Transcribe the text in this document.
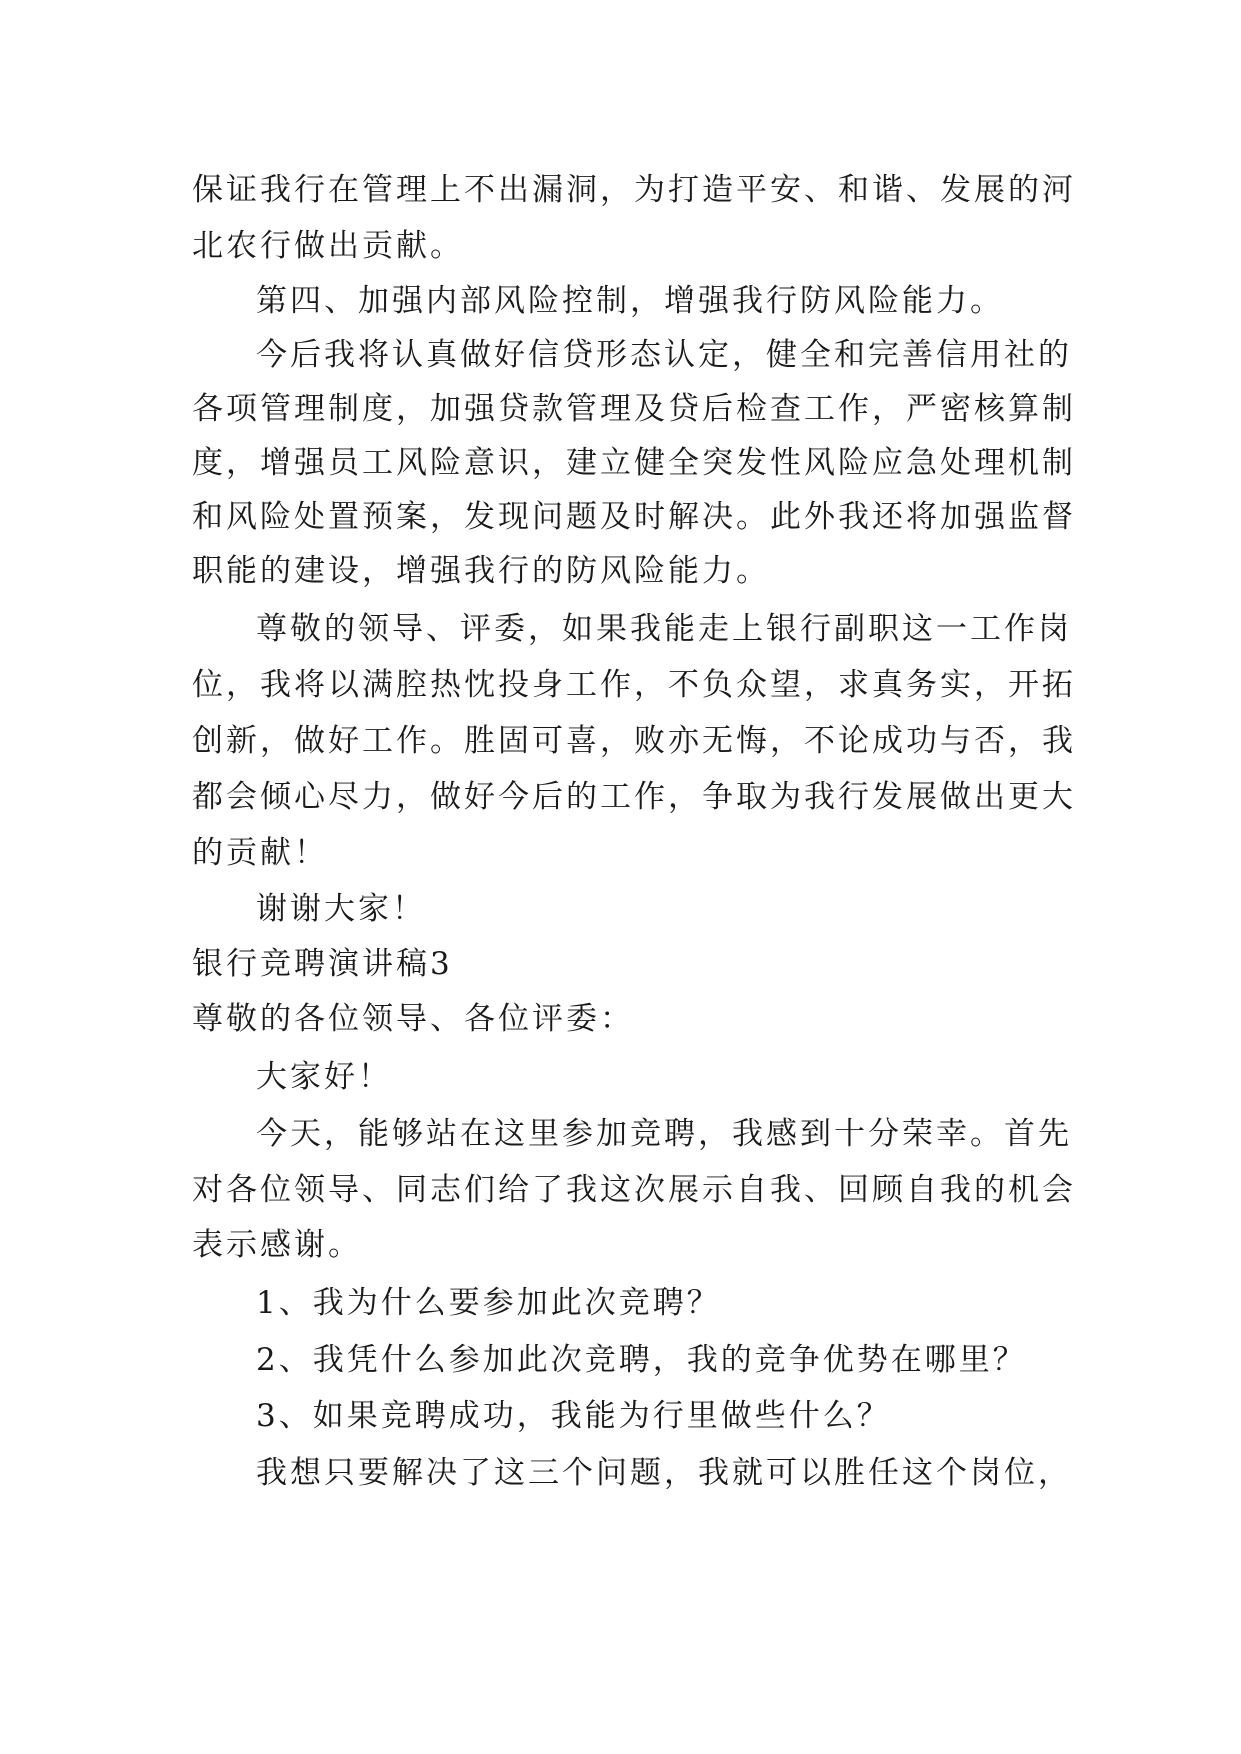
保证我行在管理上不出漏洞，为打造平安、和谐、发展的河
北农行做出贡献。
第四、加强内部风险控制，增强我行防风险能力。
今后我将认真做好信贷形态认定，健全和完善信用社的
各项管理制度，加强贷款管理及贷后检查工作，严密核算制
度，增强员工风险意识，建立健全突发性风险应急处理机制
和风险处置预案，发现问题及时解决。此外我还将加强监督
职能的建设，增强我行的防风险能力。
尊敬的领导、评委，如果我能走上银行副职这一工作岗
位，我将以满腔热忱投身工作，不负众望，求真务实，开拓
创新，做好工作。胜固可喜，败亦无悔，不论成功与否，我
都会倾心尽力，做好今后的工作，争取为我行发展做出更大
的贡献！
谢谢大家！
银行竞聘演讲稿3
尊敬的各位领导、各位评委：
大家好！
今天，能够站在这里参加竞聘，我感到十分荣幸。首先
对各位领导、同志们给了我这次展示自我、回顾自我的机会
表示感谢。
1、我为什么要参加此次竞聘？
2、我凭什么参加此次竞聘，我的竞争优势在哪里？
3、如果竞聘成功，我能为行里做些什么？
我想只要解决了这三个问题，我就可以胜任这个岗位，
